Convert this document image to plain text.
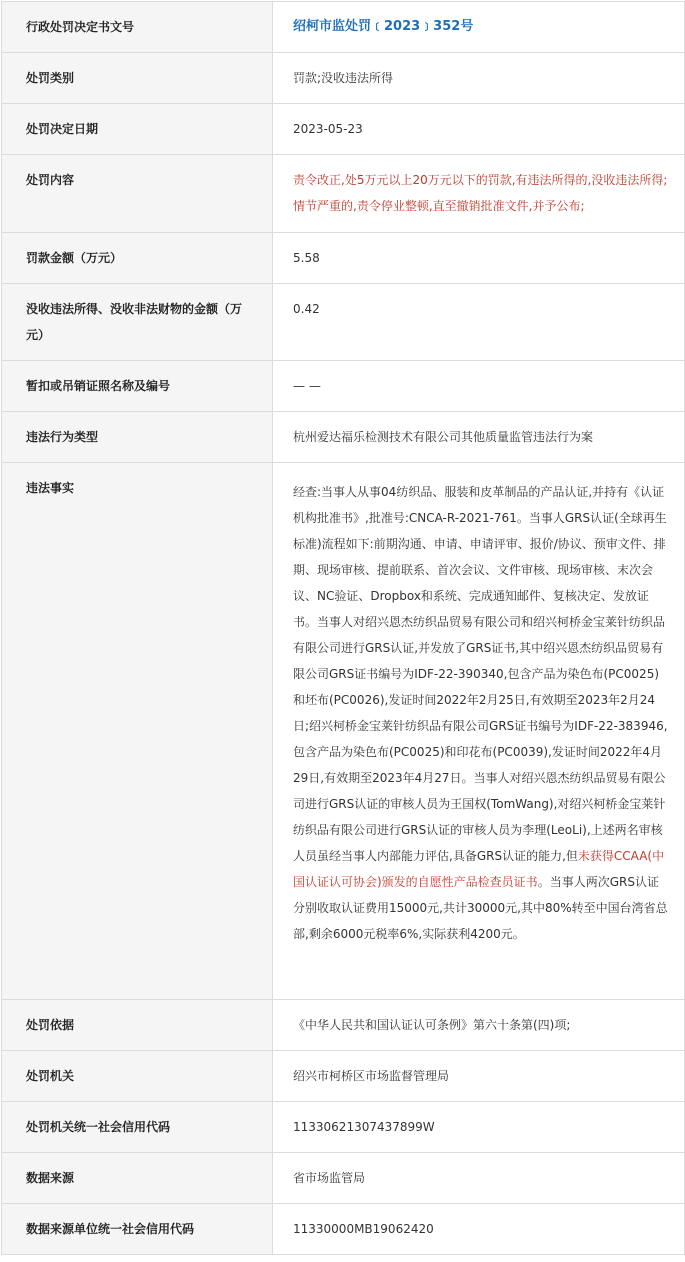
行政处罚决定书文号	绍柯市监处罚﹝2023﹞352号
处罚类别	罚款;没收违法所得
处罚决定日期	2023-05-23
处罚内容	责令改正,处5万元以上20万元以下的罚款,有违法所得的,没收违法所得;情节严重的,责令停业整顿,直至撤销批准文件,并予公布;
罚款金额（万元）	5.58
没收违法所得、没收非法财物的金额（万元）	0.42
暂扣或吊销证照名称及编号	— —
违法行为类型	杭州爱达福乐检测技术有限公司其他质量监管违法行为案
违法事实	经查:当事人从事04纺织品、服装和皮革制品的产品认证,并持有《认证机构批准书》,批准号:CNCA-R-2021-761。当事人GRS认证(全球再生标准)流程如下:前期沟通、申请、申请评审、报价/协议、预审文件、排期、现场审核、提前联系、首次会议、文件审核、现场审核、末次会议、NC验证、Dropbox和系统、完成通知邮件、复核决定、发放证书。当事人对绍兴恩杰纺织品贸易有限公司和绍兴柯桥金宝莱针纺织品有限公司进行GRS认证,并发放了GRS证书,其中绍兴恩杰纺织品贸易有限公司GRS证书编号为IDF-22-390340,包含产品为染色布(PC0025)和坯布(PC0026),发证时间2022年2月25日,有效期至2023年2月24日;绍兴柯桥金宝莱针纺织品有限公司GRS证书编号为IDF-22-383946,包含产品为染色布(PC0025)和印花布(PC0039),发证时间2022年4月29日,有效期至2023年4月27日。当事人对绍兴恩杰纺织品贸易有限公司进行GRS认证的审核人员为王国权(TomWang),对绍兴柯桥金宝莱针纺织品有限公司进行GRS认证的审核人员为李理(LeoLi),上述两名审核人员虽经当事人内部能力评估,具备GRS认证的能力,但未获得CCAA(中国认证认可协会)颁发的自愿性产品检查员证书。当事人两次GRS认证分别收取认证费用15000元,共计30000元,其中80%转至中国台湾省总部,剩余6000元税率6%,实际获利4200元。
处罚依据	《中华人民共和国认证认可条例》第六十条第(四)项;
处罚机关	绍兴市柯桥区市场监督管理局
处罚机关统一社会信用代码	11330621307437899W
数据来源	省市场监管局
数据来源单位统一社会信用代码	11330000MB19062420
